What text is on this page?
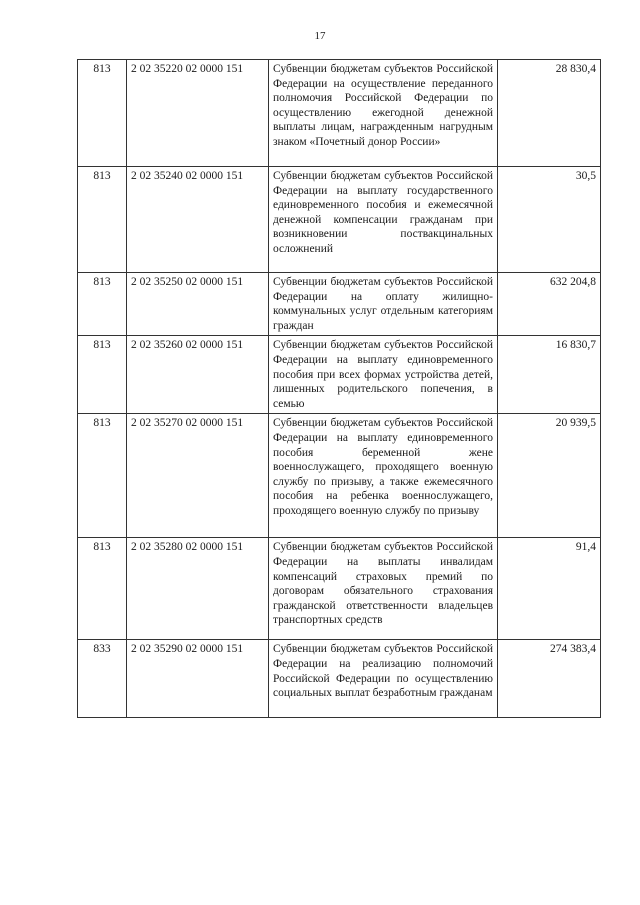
17
813	2 02 35220 02 0000 151	Субвенции бюджетам субъектов Российской Федерации на осуществление переданного полномочия Российской Федерации по осуществлению ежегодной денежной выплаты лицам, награжденным нагрудным знаком «Почетный донор России»	28 830,4
813	2 02 35240 02 0000 151	Субвенции бюджетам субъектов Российской Федерации на выплату государственного единовременного пособия и ежемесячной денежной компенсации гражданам при возникновении поствакцинальных осложнений	30,5
813	2 02 35250 02 0000 151	Субвенции бюджетам субъектов Российской Федерации на оплату жилищно-коммунальных услуг отдельным категориям граждан	632 204,8
813	2 02 35260 02 0000 151	Субвенции бюджетам субъектов Российской Федерации на выплату единовременного пособия при всех формах устройства детей, лишенных родительского попечения, в семью	16 830,7
813	2 02 35270 02 0000 151	Субвенции бюджетам субъектов Российской Федерации на выплату единовременного пособия беременной жене военнослужащего, проходящего военную службу по призыву, а также ежемесячного пособия на ребенка военнослужащего, проходящего военную службу по призыву	20 939,5
813	2 02 35280 02 0000 151	Субвенции бюджетам субъектов Российской Федерации на выплаты инвалидам компенсаций страховых премий по договорам обязательного страхования гражданской ответственности владельцев транспортных средств	91,4
833	2 02 35290 02 0000 151	Субвенции бюджетам субъектов Российской Федерации на реализацию полномочий Российской Федерации по осуществлению социальных выплат безработным гражданам	274 383,4
